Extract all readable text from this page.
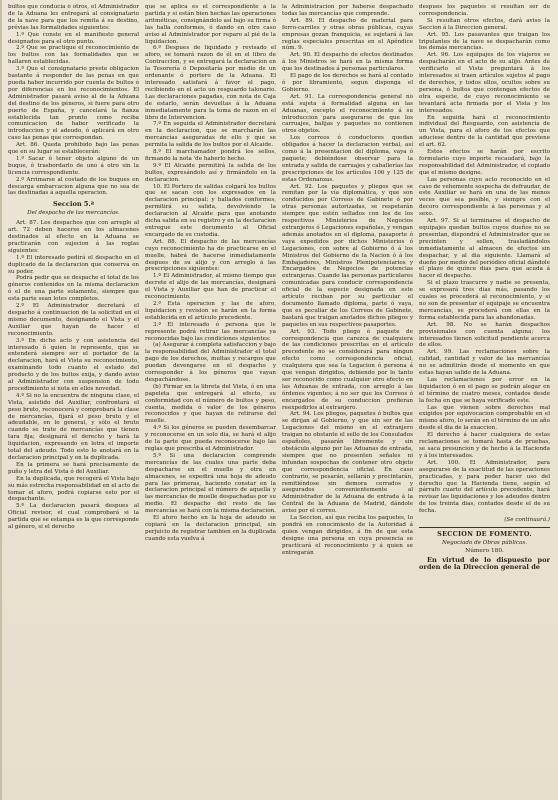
bultos que conducía ó otros, el Administrador de la Aduana les entregará al consignatario de la nave para que los remita á su destino, prévias las formalidades siguientes:

1.º Que conste en el manifiesto general designados para el otro punto.

2.º Que se practique el reconocimiento de los bultos con las formalidades que se hallaren establecidas.

3.º Que el consignatario preste obligacion bastante á responder de las penas en que pueda haber incurrido por cuenta de bultos ó por diferencias en los reconocimientos. El Administrador pasará aviso al de la Aduana del destino de los géneros, si fuere para otro puerto de España, y cancelará la fianza establecida tan pronto como reciba comunicacion de haber verificado la introduccion y el adeudo, ó aplicará en otro caso las penas que correspondan.

Art. 86. Queda prohibido bajo las penas que en su lugar se establecerán:

1.º Sacar ó tener objeto alguno de un buque, ó trasbordarlo de uno á otro sin la licencia correspondiente.

2.º Arrimarse al costado de los buques en descarga embarcacion alguna que no sea de las destinadas á aquella operacion.

Seccion 5.ª
Del despacho de las mercancías.

Art. 87. Los despachos que con arreglo al art. 72 deben hacerse en los almacenes destinados al efecto en la Aduana se practicarán con sujecion á las reglas siguientes:

1.º El interesado pedirá el despacho en el duplicado de la declaracion que conserva en su poder.

Podrá pedir que se despache el total de los géneros contenidos en la misma declaracion ó el de una parte solamente, siempre que esta parte sean lotes completos.

2.º El Administrador decretará el despacho á continuacion de la solicitud en el mismo documento, designando el Vista y el Auxiliar que hayan de hacer el reconocimiento.

3.º En dicho acto y con asistencia del interesado ó quien le represente, que se entenderá siempre ser el portador de la declaracion, hará el Vista su reconocimiento, examinando todo cuanto el estado del producto y de los bultos exija, y dando aviso al Administrador con suspension de todo procedimiento si nota en ellos novedad.

4.º Si no la encuentra de ninguna clase, el Vista, asistido del Auxiliar, confrontará el peso bruto, reconocerá y comprobará la clase de mercancías, fijará el peso bruto y el adeudable, en lo general, y sólo el bruto cuando se trate de mercancías que tienen tara fija; designará el derecho y hará la liquidacion, expresando en letra el importe total del adeudo. Todo esto lo anotará en la declaracion principal y en la duplicada.

En la primera se hará precisamente de puño y letra del Vista ó del Auxiliar.

En la duplicada, que recogerá el Vista bajo su más estrecha responsabilidad en el acto de tomar el aforo, podrá copiarse esto por el despachante.

5.º La declaracion pasará despues al Oficial revisor, el cual comprobará si la partida que se estampa es la que corresponde al género, si el derecho

que se aplica es el correspondiente á la partida y si están bien hechas las operaciones aritméticas, consignándolo así bajo su firma ó las halla conformes, ó dando en otro caso aviso al Administrador por reparo al pié de la liquidacion.

6.º Despues de liquidado y revisado el aforo, se tomará razon de él en el libro de Contraccion, y se entregará la declaracion en la Tesorería ó Depositaría por medio de un ordenante ó portero de la Aduana. El interesado satisfará á favor el pago, recibiendo en el acto un resguardo talonario. Las declaraciones pagadas, con nota de Caja de estarlo, serán devueltas á la Aduana inmediatamente para la toma de razon en el libro de Intervencion.

7.º En seguida el Administrador decretará en la declaracion, que se marcharán las mercancías aseguradas de ello y que se permita la salida de los bultos por el Alcaide.

8.º El marchamador pondrá los sellos, firmando la nota 'de haberlo hecho.

9.º El Alcaide permitirá la salida de los bultos, expresándolo así y firmándolo en la declaracion.

10. El Portero de salidas colgará los bultos que se sacan con los expresados en la declaracion principal; y hallados conformes, permitirá su salida, devolviendo la declaracion al Alcaide para que anotando dicha salida en su registro y en la declaracion entregue este documento al Oficial encargado de su custodia.

Art. 88. El despacho de las mercancías cuyo reconocimiento ha de practicarse en el muelle, habrá de hacerse inmediatamente despues de su alijo y con arreglo á las prescripciones siguientes:

1.º El Administrador, al mismo tiempo que decrete el alijo de las mercancías, designará el Vista y Auxiliar que han de practicar el reconocimiento.

2.º Esta operacion y las de aforo, liquidacion y revision se harán en la forma establecida en el artículo precedente.

3.º El interesado ó persona que le represente podrá retirar las mercancías ya reconocidas bajo las condiciones siguientes:

(a) Asegurar á completa satisfaccion y bajo la responsabilidad del Administrador el total pago de los derechos, multas y recargos que puedan devengarse en el despacho y corresponder á los géneros que vayan despachándose.

(b) Firmar en la libreta del Vista, ó en una papeleta que entregará al efecto, su conformidad con el número de bultos y peso, cuenta, medida ó valor de los géneros reconocidos y que hayan de retirarse del muelle.

4.º Si los géneros se pueden desembarcar y reconocerse en un solo dia, se hará el alijo de la parte que pueda reconocerse bajo las reglas que prescriba el Administrador.

5.º Si una declaracion comprende mercancías de las cuales una parte deba despacharse en el muelle y otra en almacenes, se expedirá una hoja de adeudo para las primeras, haciendo constar en la declaracion principal el número de aquella y las mercancías de muelle despachadas por su medio. El despacho del resto de las mercancías se hará con la misma declaracion.

El aforo hecho en la hoja de adeudo se copiará en la declaracion principal, sin perjuicio de registrar tambien en la duplicada cuando esta vuelva á

la Administracion por haberse despachado todas las mercancías que comprende.

Art. 89. El despacho de material para ferro-carriles y otras obras públicas, cuyas empresas gozan franquicia, se sujetará á las reglas especiales prescritas en el Apéndice núm. 9.

Art. 90. El despacho de efectos destinados á los Ministros se hará en la misma forma que los destinados á personas particulares.

El pago de los derechos se hará al contado ó por libramiento, segun disponga el Gobierno.

Art. 91. La correspondencia general no está sujeta á formalidad alguna en las Aduanas, excepto el reconocimiento á su introduccion para asegurarse de que los carruajes, balijas y paquetes no contienen otros objetos.

Los correos ó conductores quedan obligados á hacer la declaracion verbal, así como á la presentacion del diploma, vaya ó paquete; debiéndose observar para la entrada y salida de carruajes y caballerías las prescripciones de los artículos 106 y 125 de estas Ordenanzas.

Art. 92. Los paquetes y pliegos que se remitan por la vía diplomática, y que son conducidos por Correos de Gabinete ó por otras personas autorizadas, se respetarán siempre que estén sellados con los de los respectivos Ministerios de Negocios extranjeros ó Legaciones españolas, y vengan además anotados en el diploma, pasaporte ó vaya expedidos por dichos Ministerios ó Legaciones, con sobre al Gobierno ó á los Ministros del Gobierno de la Nacion ó á los Embajadores, Ministros Plenipotenciarios y Encargados de Negocios de potencias extranjeras. Cuando las personas particulares comunicadas para conducir correspondencia oficial de la especie designada en este artículo reciban por su particular el documento llamado diploma, parte ó vaya, que es peculiar de los Correos de Gabinete, bastará que traigan anotados dichos pliegos y paquetes en sus respectivos pasaportes.

Art. 93. Todo pliego ó paquete de correspondencia que carezca de cualquiera de las condiciones prescritas en el artículo precedente no se considerará para ningun efecto como correspondencia oficial, cualquiera que sea la Legacion ó persona á que vengan dirigidos, debiendo por lo tanto ser reconocido como cualquier otro efecto en las Aduanas de entrada, con arreglo á las órdenes vigentes; á no ser que los Correos ó encargados de su conduccion prefieran reexpedirlos al extranjero.

Art. 94. Los pliegos, paquetes ó bultos que se dirijan al Gobierno, y que sin ser de las Legaciones del mismo en el extranjero traigan no obstante el sello de los Consulados españoles, pasarán libremente y sin obstáculo alguno por las Aduanas de entrada, siempre que no presenten señales ni infundan sospechas de contener otro objeto que correspondencia oficial. En caso contrario, se pesarán, sellarán y precintarán, remitiéndose sin demora cerrados y asegurados convenientemente al Administrador de la Aduana de entrada á la Central de la Aduana de Madrid, dándole aviso por el correo.

La Seccion, así que reciba los paquetes, lo pondrá en conocimiento de la Autoridad á quien vengan dirigidos, á fin de que esta designe una persona en cuya presencia se practicará el reconocimiento y á quien se entregarán

despues los paquetes si resultan ser de correspondencia.

Si resultan otros efectos, dará aviso la Seccion á la Direccion general.

Art. 95. Los pasavantes que traigan los tripulantes de la nave se despacharán como los demás mercancías.

Art. 96. Los equipajes de los viajeros se despacharán en el acto de su alijo. Antes de verificarlo el Vista preguntará á los interesados si traen artículos sujetos al pago de derechos, y todos ellos, ocultos sobre su persona, ó bultos que contengan efectos de otra especie, de cuyo reconocimiento se levantará acta firmada por el Vista y los interesados.

En seguida hará el reconocimiento individual del Resguardo, con asistencia de un Vista, para el aforo de los efectos que aduciese dentro de la cantidad que previene el art. 62.

Estos efectos se harán por escrito formulario cuyo importe recaudará, bajo la responsabilidad del Administrador, el copiado que el mismo designe.

Las personas cuyo acto reconocido en el caso de vehemente sospecha de defraudar, de este Auxiliar se hará en una de las menos veces que sea posible, y siempre con el decoro correspondiente á las personas y al sexo.

Art. 97. Si al terminarse el despacho de equipajes quedan bultos cuyos dueños no se presentan, dispondrá el Administrador que se precinten y sellen, trasladándolos inmediatamente al almacen de efectos sin despachar, y al dia siguiente. Llamará al dueño por medio del periódico oficial dándole el plazo de quince dias para que acuda á hacer el despacho.

Si el plazo trascurre y nadie se presenta, se expresará tres dias más, pasando los cuales se procederá al reconocimiento, y si no son de presentar el equipaje se encuentra mercancías, se procederá con ellas en la forma establecida para las abandonadas.

Art. 98. No se harán despachos provisionales con cuenta alguna; los interesados tienen solicitud pendiente acerca de ellos.

Art. 99. Las reclamaciones sobre la calidad, cantidad y valor de las mercancías no se admitirán desde el momento en que estas hayan salido de la Aduana.

Las reclamaciones por error en la liquidacion ó en el pago se podrán alegar en el término de cuatro meses, contados desde la fecha en que se haya verificado este.

Las que vienen sobre derechos mal exigidos por equivocacion comprobable en el mismo aforo, lo serán en el término de un año desde el dia de la exaccion.

El derecho á hacer cualquiera de estas reclamaciones se tomará hasta de pruebas, se saca presuncion y de hecho á la Hacienda y á los interesados.

Art. 100. El Administrador, para asegurarse de la exactitud de las operaciones practicadas, y para poder hacer uso del derecho que la Hacienda tiene, según el párrafo cuarto del artículo precedente, hará revisar las liquidaciones y los adeudos dentro de los treinta dias, contados desde el de su fecha.

(Se continuará.)
SECCION DE FOMENTO.
Negociado de Obras públicas.
Número 180.

En virtud de lo dispuesto por orden de la Direccion general de
